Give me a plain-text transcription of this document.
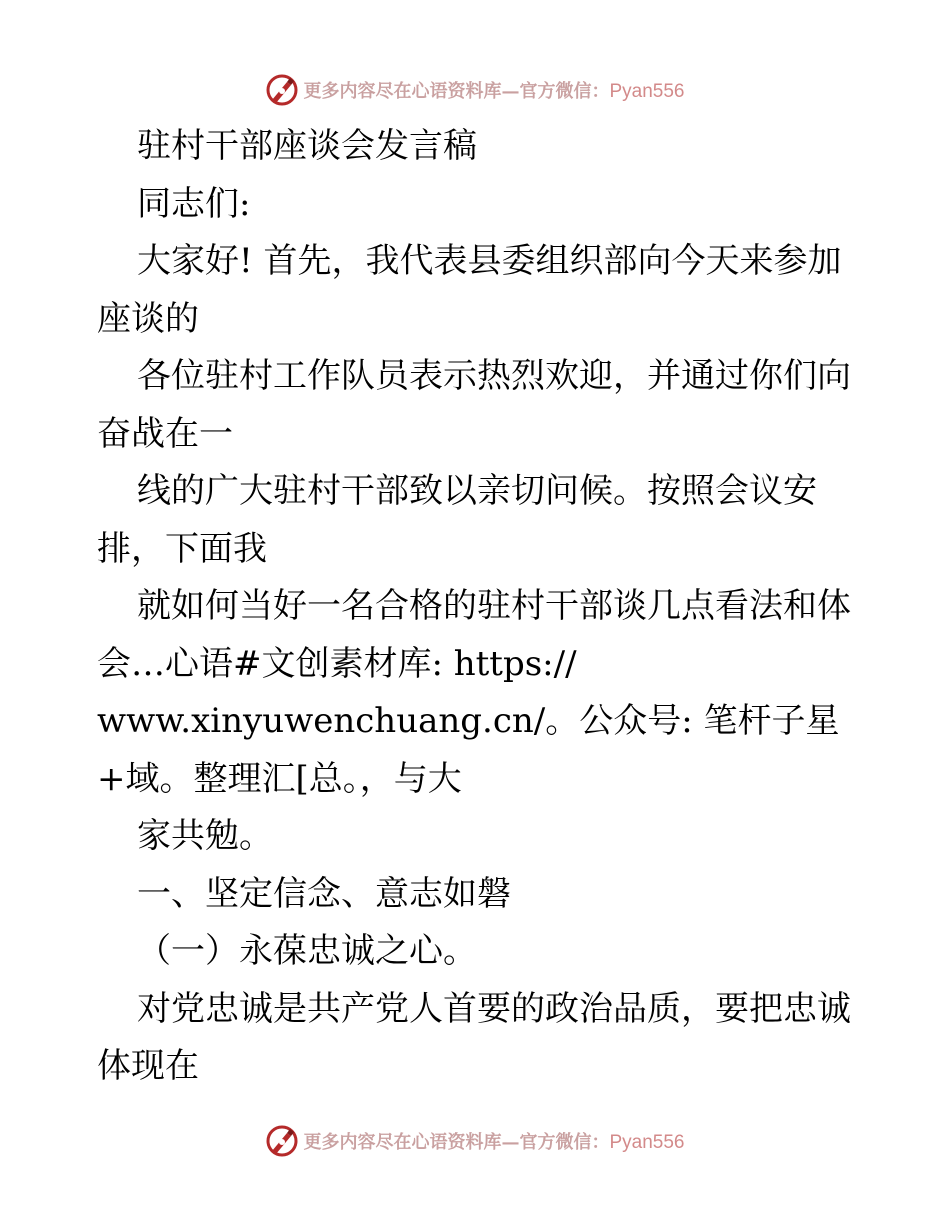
更多内容尽在心语资料库—官方微信：Pyan556
驻村干部座谈会发言稿
同志们:
大家好! 首先，我代表县委组织部向今天来参加
座谈的
各位驻村工作队员表示热烈欢迎，并通过你们向
奋战在一
线的广大驻村干部致以亲切问候。按照会议安
排，下面我
就如何当好一名合格的驻村干部谈几点看法和体
会…心语#文创素材库: https://
www.xinyuwenchuang.cn/。公众号: 笔杆子星
+域。整理汇[总。，与大
家共勉。
一、坚定信念、意志如磐
（一）永葆忠诚之心。
对党忠诚是共产党人首要的政治品质，要把忠诚
体现在
更多内容尽在心语资料库—官方微信：Pyan556
